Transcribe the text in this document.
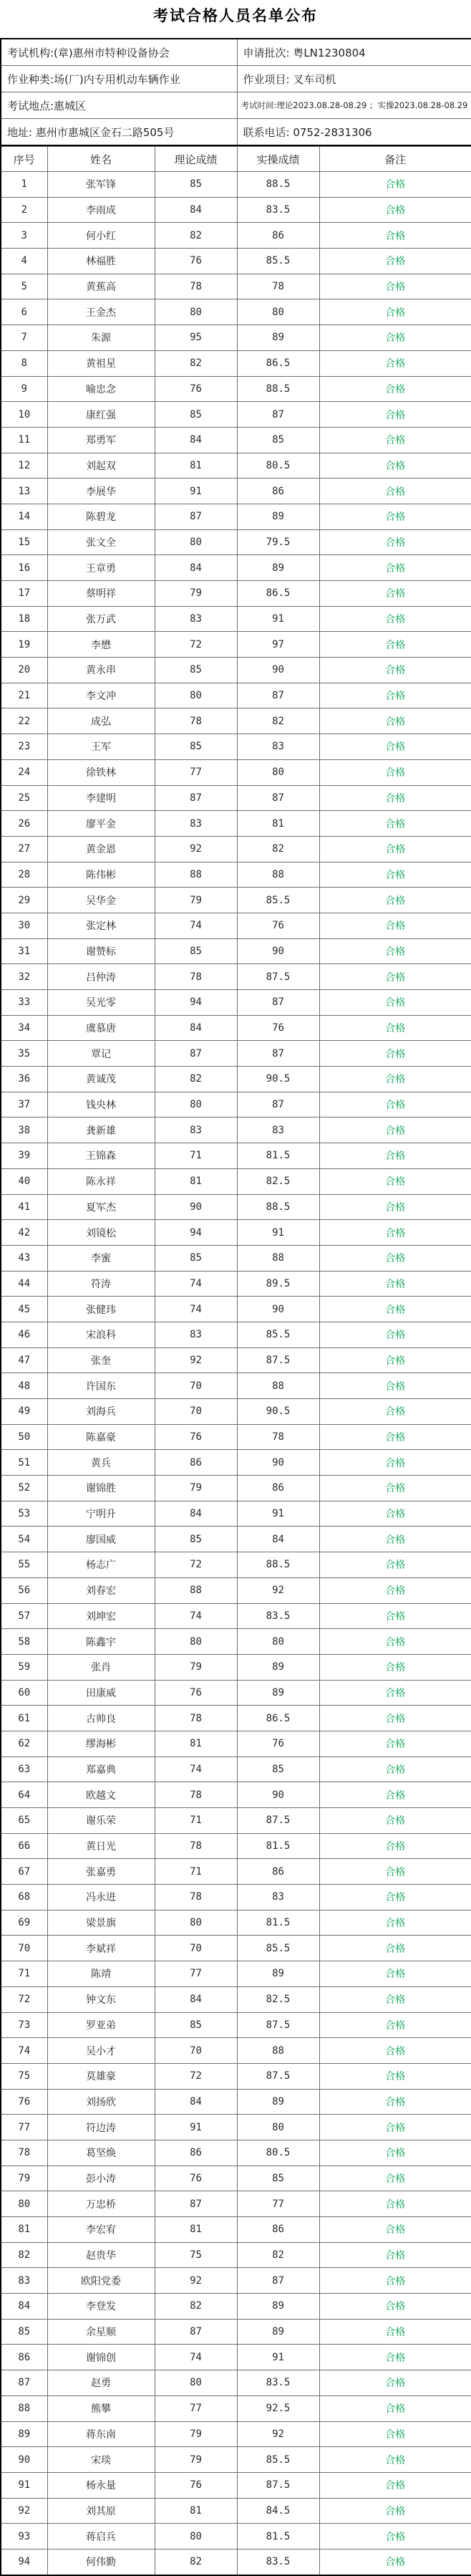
考试合格人员名单公布
考试机构:(章)惠州市特种设备协会	申请批次: 粤LN1230804
作业种类:场(厂)内专用机动车辆作业	作业项目: 叉车司机
考试地点:惠城区	考试时间:理论2023.08.28-08.29 ；实操2023.08.28-08.29
地址: 惠州市惠城区金石二路505号	联系电话: 0752-2831306
序号	姓名	理论成绩	实操成绩	备注
1	张军锋	85	88.5	合格
2	李雨成	84	83.5	合格
3	何小红	82	86	合格
4	林福胜	76	85.5	合格
5	黄蕉高	78	78	合格
6	王金杰	80	80	合格
7	朱源	95	89	合格
8	黄祖星	82	86.5	合格
9	喻忠念	76	88.5	合格
10	康红强	85	87	合格
11	郑勇军	84	85	合格
12	刘起双	81	80.5	合格
13	李展华	91	86	合格
14	陈碧龙	87	89	合格
15	张文全	80	79.5	合格
16	王章勇	84	89	合格
17	蔡明祥	79	86.5	合格
18	张万武	83	91	合格
19	李懋	72	97	合格
20	黄永串	85	90	合格
21	李文冲	80	87	合格
22	成弘	78	82	合格
23	王军	85	83	合格
24	徐铁林	77	80	合格
25	李建明	87	87	合格
26	廖平金	83	81	合格
27	黄金恩	92	82	合格
28	陈伟彬	88	88	合格
29	吴华金	79	85.5	合格
30	张定林	74	76	合格
31	谢赞标	85	90	合格
32	吕仲涛	78	87.5	合格
33	吴光零	94	87	合格
34	虞慕唐	84	76	合格
35	覃记	87	87	合格
36	黄诚茂	82	90.5	合格
37	钱央林	80	87	合格
38	龚新雄	83	83	合格
39	王锦森	71	81.5	合格
40	陈永祥	81	82.5	合格
41	夏军杰	90	88.5	合格
42	刘镜松	94	91	合格
43	李蜜	85	88	合格
44	符涛	74	89.5	合格
45	张健玮	74	90	合格
46	宋浪科	83	85.5	合格
47	张奎	92	87.5	合格
48	许国东	70	88	合格
49	刘海兵	70	90.5	合格
50	陈嘉豪	76	78	合格
51	黄兵	86	90	合格
52	谢锦胜	79	86	合格
53	宁明升	84	91	合格
54	廖国威	85	84	合格
55	杨志广	72	88.5	合格
56	刘春宏	88	92	合格
57	刘坤宏	74	83.5	合格
58	陈鑫宇	80	80	合格
59	张肖	79	89	合格
60	田康威	76	89	合格
61	古帅良	78	86.5	合格
62	缪海彬	81	76	合格
63	郑嘉典	74	85	合格
64	欧越文	78	90	合格
65	谢乐荣	71	87.5	合格
66	黄日光	78	81.5	合格
67	张嘉勇	71	86	合格
68	冯永进	78	83	合格
69	梁景旗	80	81.5	合格
70	李斌祥	70	85.5	合格
71	陈靖	77	89	合格
72	钟文东	84	82.5	合格
73	罗亚弟	85	87.5	合格
74	吴小才	70	88	合格
75	莫雄豪	72	87.5	合格
76	刘扬欣	84	89	合格
77	符边涛	91	80	合格
78	葛坚焕	86	80.5	合格
79	彭小涛	76	85	合格
80	万忠桥	87	77	合格
81	李宏宥	81	86	合格
82	赵贵华	75	82	合格
83	欧阳党委	92	87	合格
84	李登发	82	89	合格
85	余星顺	87	89	合格
86	谢锦创	74	91	合格
87	赵勇	80	83.5	合格
88	熊攀	77	92.5	合格
89	蒋东南	79	92	合格
90	宋琰	79	85.5	合格
91	杨永量	76	87.5	合格
92	刘其原	81	84.5	合格
93	蒋启兵	80	81.5	合格
94	何伟勤	82	83.5	合格
